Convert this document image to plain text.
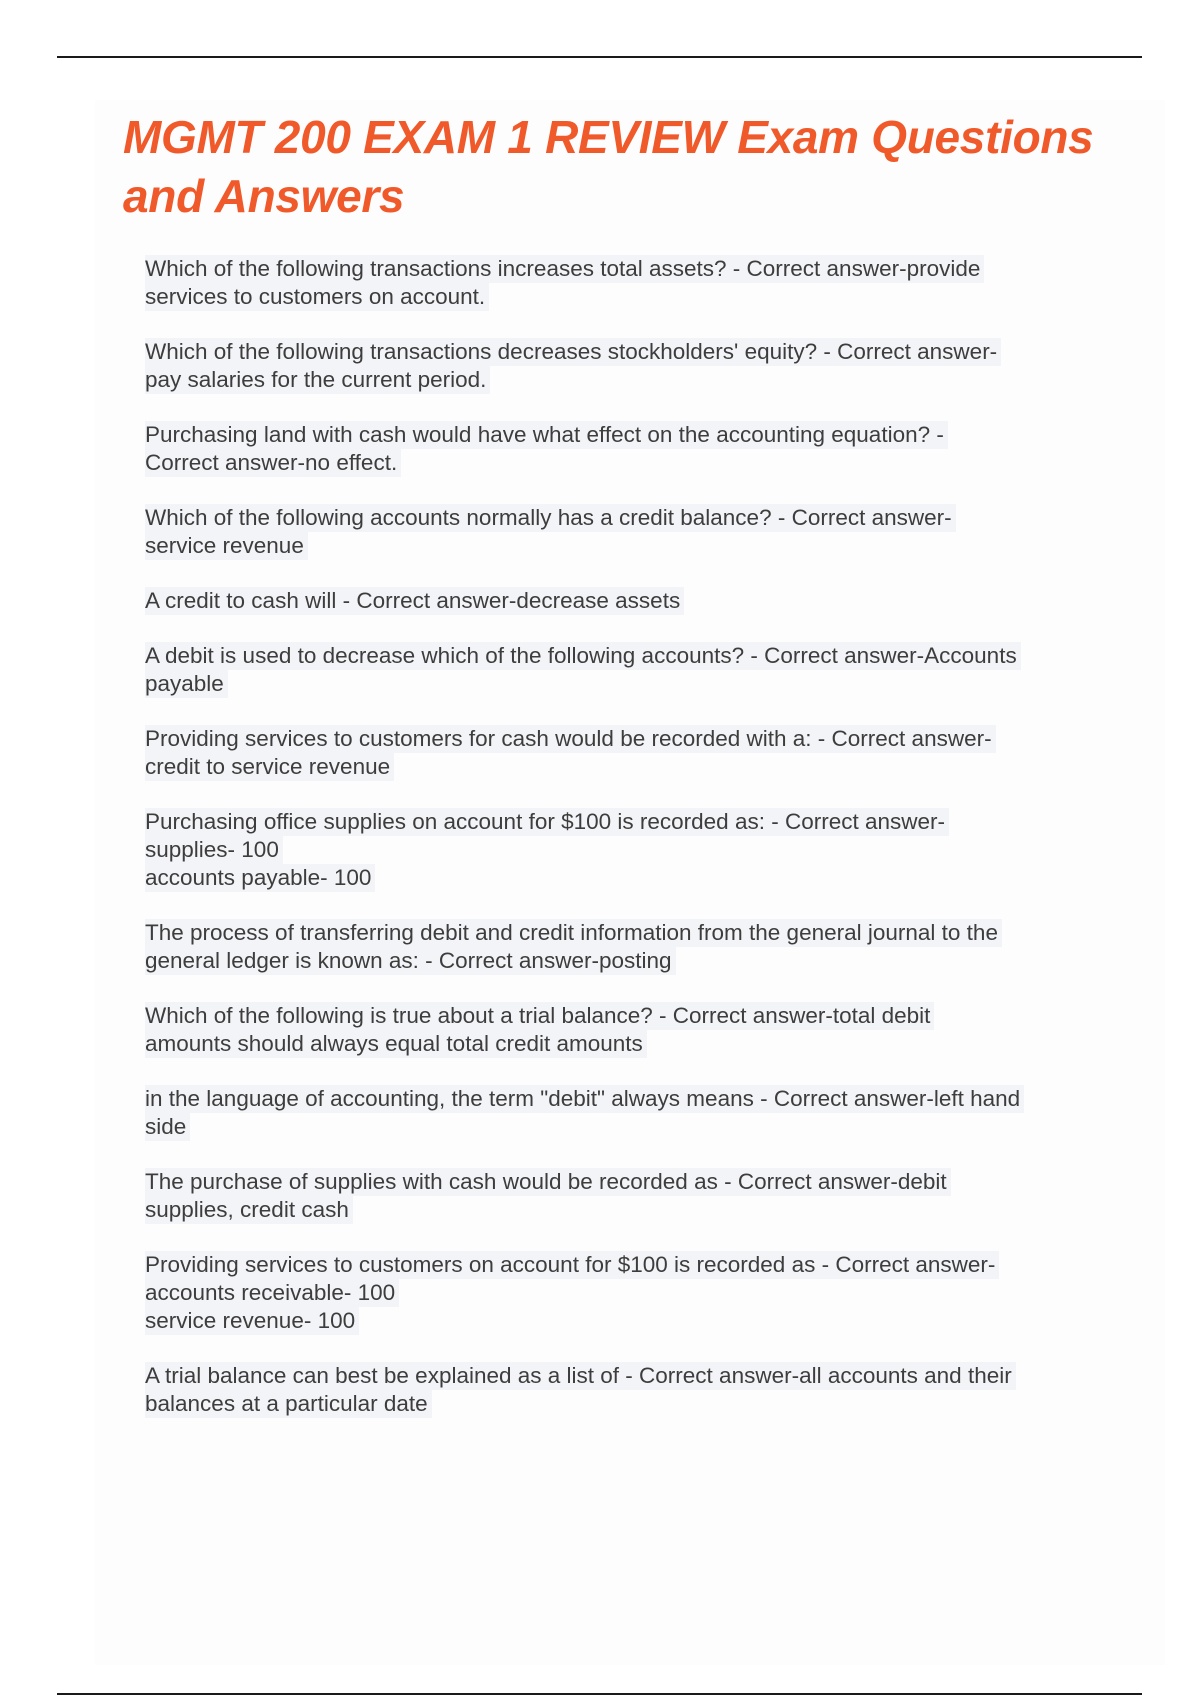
MGMT 200 EXAM 1 REVIEW Exam Questions and Answers
Which of the following transactions increases total assets? - Correct answer-provide
services to customers on account.
Which of the following transactions decreases stockholders' equity? - Correct answer-
pay salaries for the current period.
Purchasing land with cash would have what effect on the accounting equation? -
Correct answer-no effect.
Which of the following accounts normally has a credit balance? - Correct answer-
service revenue
A credit to cash will - Correct answer-decrease assets
A debit is used to decrease which of the following accounts? - Correct answer-Accounts
payable
Providing services to customers for cash would be recorded with a: - Correct answer-
credit to service revenue
Purchasing office supplies on account for $100 is recorded as: - Correct answer-
supplies- 100
accounts payable- 100
The process of transferring debit and credit information from the general journal to the
general ledger is known as: - Correct answer-posting
Which of the following is true about a trial balance? - Correct answer-total debit
amounts should always equal total credit amounts
in the language of accounting, the term "debit" always means - Correct answer-left hand
side
The purchase of supplies with cash would be recorded as - Correct answer-debit
supplies, credit cash
Providing services to customers on account for $100 is recorded as - Correct answer-
accounts receivable- 100
service revenue- 100
A trial balance can best be explained as a list of - Correct answer-all accounts and their
balances at a particular date
